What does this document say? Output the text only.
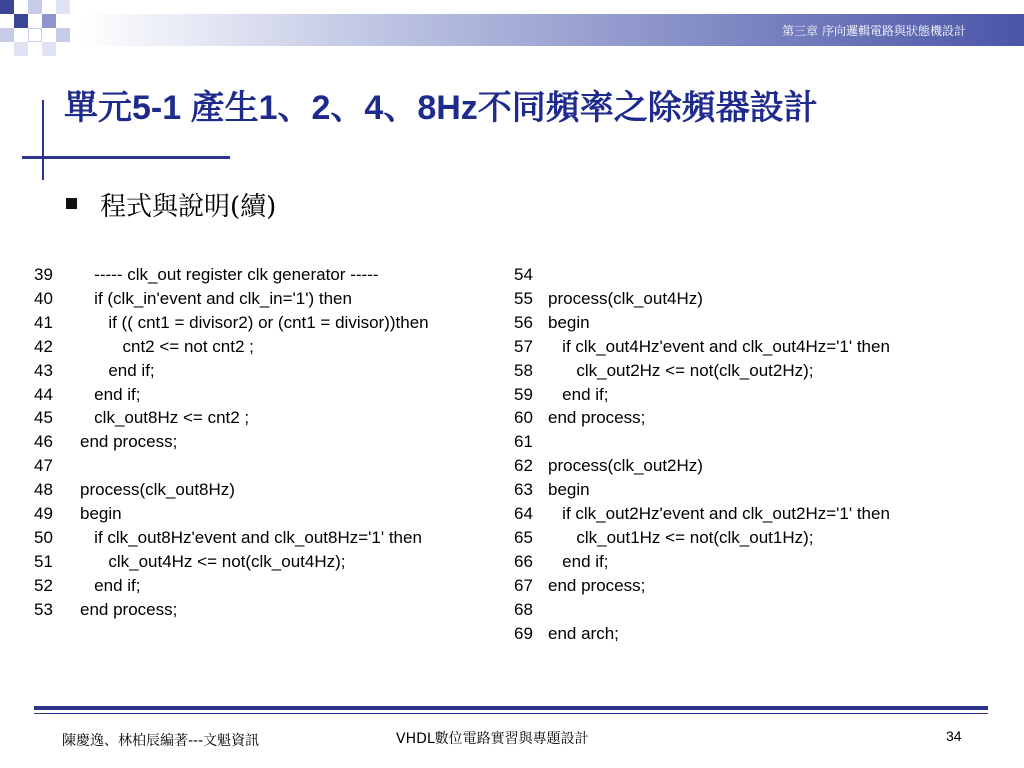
第三章 序向邏輯電路與狀態機設計
單元5-1 產生1、2、4、8Hz不同頻率之除頻器設計
程式與說明(續)
39	----- clk_out register clk generator -----
40	if (clk_in'event and clk_in='1') then
41	if (( cnt1 = divisor2) or (cnt1 = divisor))then
42	cnt2 <= not cnt2 ;
43	end if;
44	end if;
45	clk_out8Hz <= cnt2 ;
46	end process;
47
48	process(clk_out8Hz)
49	begin
50	if clk_out8Hz'event and clk_out8Hz='1' then
51	clk_out4Hz <= not(clk_out4Hz);
52	end if;
53	end process;
54
55 process(clk_out4Hz)
56 begin
57 if clk_out4Hz'event and clk_out4Hz='1' then
58 clk_out2Hz <= not(clk_out2Hz);
59 end if;
60 end process;
61
62 process(clk_out2Hz)
63 begin
64 if clk_out2Hz'event and clk_out2Hz='1' then
65 clk_out1Hz <= not(clk_out1Hz);
66 end if;
67 end process;
68
69 end arch;
陳慶逸、林柏辰編著---文魁資訊	VHDL數位電路實習與專題設計	34
